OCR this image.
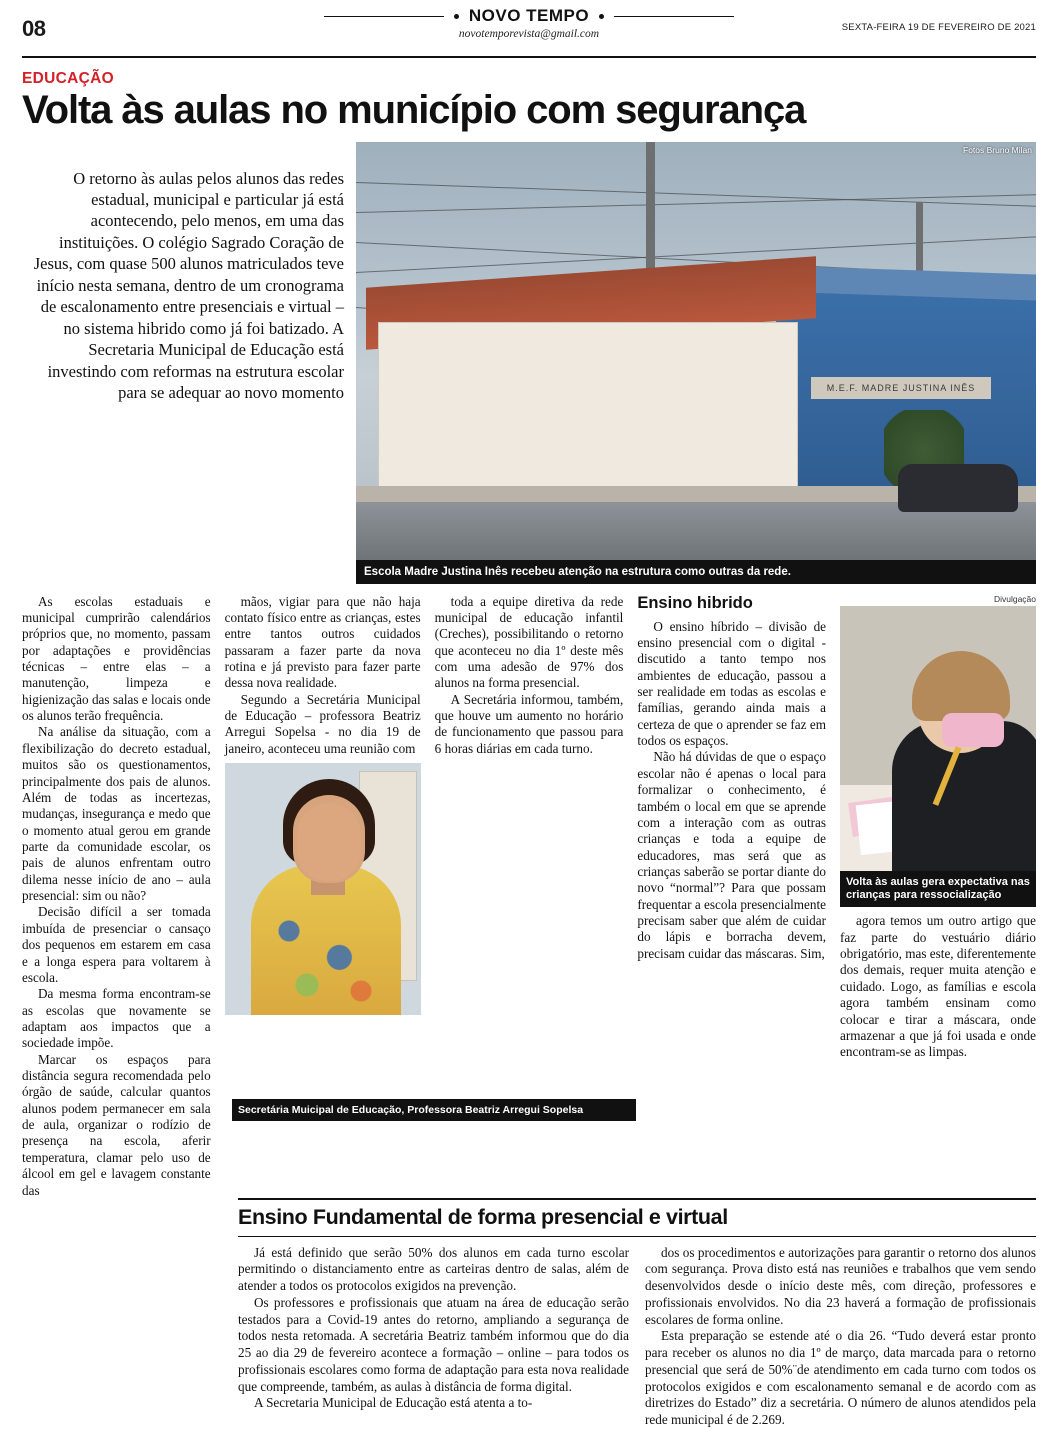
08
NOVO TEMPO
novotemporevista@gmail.com
SEXTA-FEIRA 19 DE FEVEREIRO DE 2021
EDUCAÇÃO
Volta às aulas no município com segurança

O retorno às aulas pelos alunos das redes estadual, municipal e particular já está acontecendo, pelo menos, em uma das instituições. O colégio Sagrado Coração de Jesus, com quase 500 alunos matriculados teve início nesta semana, dentro de um cronograma de escalonamento entre presenciais e virtual – no sistema hibrido como já foi batizado. A Secretaria Municipal de Educação está investindo com reformas na estrutura escolar para se adequar ao novo momento

Fotos Bruno Milan
M.E.F. MADRE JUSTINA INÊS
Escola Madre Justina Inês recebeu atenção na estrutura como outras da rede.

As escolas estaduais e municipal cumprirão calendários próprios que, no momento, passam por adaptações e providências técnicas – entre elas – a manutenção, limpeza e higienização das salas e locais onde os alunos terão frequência.

Na análise da situação, com a flexibilização do decreto estadual, muitos são os questionamentos, principalmente dos pais de alunos. Além de todas as incertezas, mudanças, insegurança e medo que o momento atual gerou em grande parte da comunidade escolar, os pais de alunos enfrentam outro dilema nesse início de ano – aula presencial: sim ou não?

Decisão difícil a ser tomada imbuída de presenciar o cansaço dos pequenos em estarem em casa e a longa espera para voltarem à escola.

Da mesma forma encontram-se as escolas que novamente se adaptam aos impactos que a sociedade impõe.

Marcar os espaços para distância segura recomendada pelo órgão de saúde, calcular quantos alunos podem permanecer em sala de aula, organizar o rodízio de presença na escola, aferir temperatura, clamar pelo uso de álcool em gel e lavagem constante das

mãos, vigiar para que não haja contato físico entre as crianças, estes entre tantos outros cuidados passaram a fazer parte da nova rotina e já previsto para fazer parte dessa nova realidade.

Segundo a Secretária Municipal de Educação – professora Beatriz Arregui Sopelsa - no dia 19 de janeiro, aconteceu uma reunião com

toda a equipe diretiva da rede municipal de educação infantil (Creches), possibilitando o retorno que aconteceu no dia 1º deste mês com uma adesão de 97% dos alunos na forma presencial.

A Secretária informou, também, que houve um aumento no horário de funcionamento que passou para 6 horas diárias em cada turno.

Ensino hibrido

O ensino híbrido – divisão de ensino presencial com o digital - discutido a tanto tempo nos ambientes de educação, passou a ser realidade em todas as escolas e famílias, gerando ainda mais a certeza de que o aprender se faz em todos os espaços.

Não há dúvidas de que o espaço escolar não é apenas o local para formalizar o conhecimento, é também o local em que se aprende com a interação com as outras crianças e toda a equipe de educadores, mas será que as crianças saberão se portar diante do novo “normal”? Para que possam frequentar a escola presencialmente precisam saber que além de cuidar do lápis e borracha devem, precisam cuidar das máscaras. Sim,

Divulgação
Volta às aulas gera expectativa nas crianças para ressocialização

agora temos um outro artigo que faz parte do vestuário diário obrigatório, mas este, diferentemente dos demais, requer muita atenção e cuidado. Logo, as famílias e escola agora também ensinam como colocar e tirar a máscara, onde armazenar a que já foi usada e onde encontram-se as limpas.

Secretária Muicipal de Educação, Professora Beatriz Arregui Sopelsa
Ensino Fundamental de forma presencial e virtual

Já está definido que serão 50% dos alunos em cada turno escolar permitindo o distanciamento entre as carteiras dentro de salas, além de atender a todos os protocolos exigidos na prevenção.

Os professores e profissionais que atuam na área de educação serão testados para a Covid-19 antes do retorno, ampliando a segurança de todos nesta retomada. A secretária Beatriz também informou que do dia 25 ao dia 29 de fevereiro acontece a formação – online – para todos os profissionais escolares como forma de adaptação para esta nova realidade que compreende, também, as aulas à distância de forma digital.

A Secretaria Municipal de Educação está atenta a to-

dos os procedimentos e autorizações para garantir o retorno dos alunos com segurança. Prova disto está nas reuniões e trabalhos que vem sendo desenvolvidos desde o início deste mês, com direção, professores e profissionais envolvidos. No dia 23 haverá a formação de profissionais escolares de forma online.

Esta preparação se estende até o dia 26. “Tudo deverá estar pronto para receber os alunos no dia 1º de março, data marcada para o retorno presencial que será de 50%¨de atendimento em cada turno com todos os protocolos exigidos e com escalonamento semanal e de acordo com as diretrizes do Estado” diz a secretária. O número de alunos atendidos pela rede municipal é de 2.269.
